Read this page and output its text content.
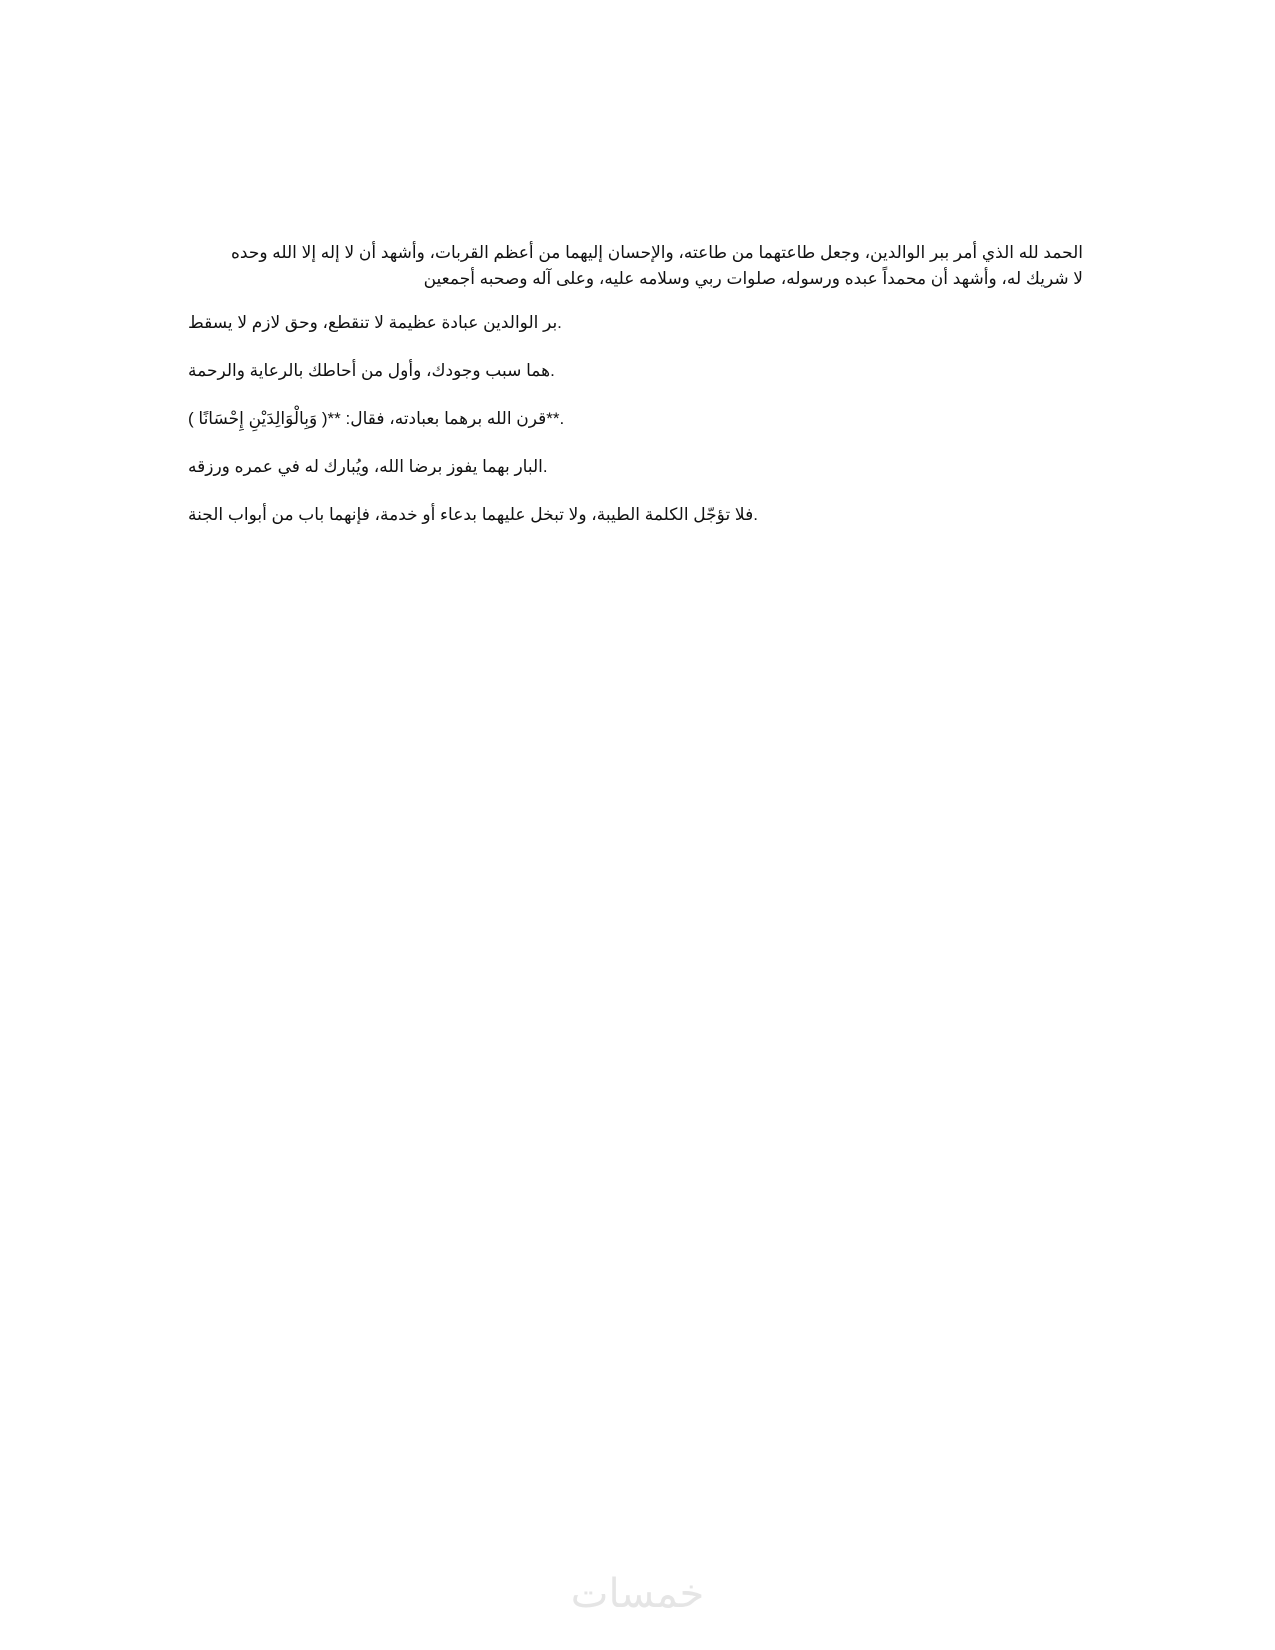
الحمد لله الذي أمر ببر الوالدين، وجعل طاعتهما من طاعته، والإحسان إليهما من أعظم القربات، وأشهد أن لا إله إلا الله وحده
لا شريك له، وأشهد أن محمداً عبده ورسوله، صلوات ربي وسلامه عليه، وعلى آله وصحبه أجمعين

.بر الوالدين عبادة عظيمة لا تنقطع، وحق لازم لا يسقط

.هما سبب وجودك، وأول من أحاطك بالرعاية والرحمة

.**قرن الله برهما بعبادته، فقال: **( وَبِالْوَالِدَيْنِ إِحْسَانًا )

.البار بهما يفوز برضا الله، ويُبارك له في عمره ورزقه

.فلا تؤجّل الكلمة الطيبة، ولا تبخل عليهما بدعاء أو خدمة، فإنهما باب من أبواب الجنة

خمسات
